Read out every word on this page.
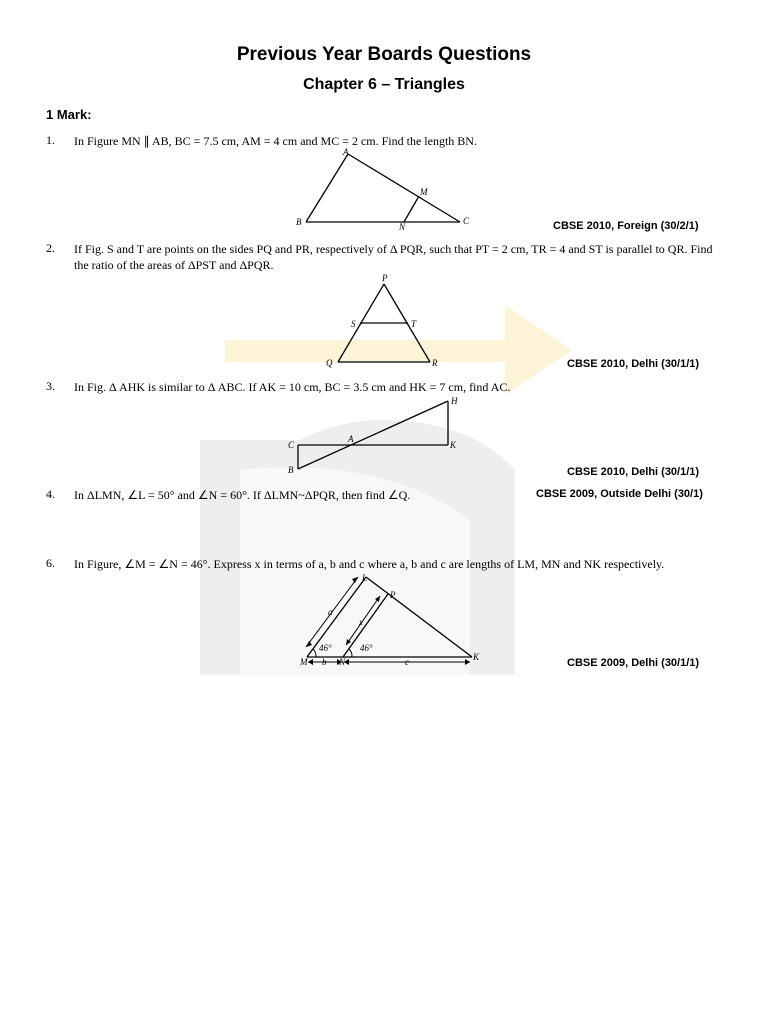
Previous Year Boards Questions
Chapter 6 – Triangles
1 Mark:
1. In Figure MN ∥ AB, BC = 7.5 cm, AM = 4 cm and MC = 2 cm. Find the length BN.
A
M
B	N
C	CBSE 2010, Foreign (30/2/1)
2. If Fig. S and T are points on the sides PQ and PR, respectively of Δ PQR, such that PT = 2 cm, TR = 4 and ST is parallel to QR. Find the ratio of the areas of ΔPST and ΔPQR.
P
S	T
Q	R	CBSE 2010, Delhi (30/1/1)
3. In Fig. Δ AHK is similar to Δ ABC. If AK = 10 cm, BC = 3.5 cm and HK = 7 cm, find AC.
H
C
A
K
B	CBSE 2010, Delhi (30/1/1)
4. In ΔLMN, ∠L = 50° and ∠N = 60°. If ΔLMN~ΔPQR, then find ∠Q.	CBSE 2009, Outside Delhi (30/1)
6. In Figure, ∠M = ∠N = 46°. Express x in terms of a, b and c where a, b and c are lengths of LM, MN and NK respectively.
L
P
a
x
46°	46°
M b N	c	K	CBSE 2009, Delhi (30/1/1)
